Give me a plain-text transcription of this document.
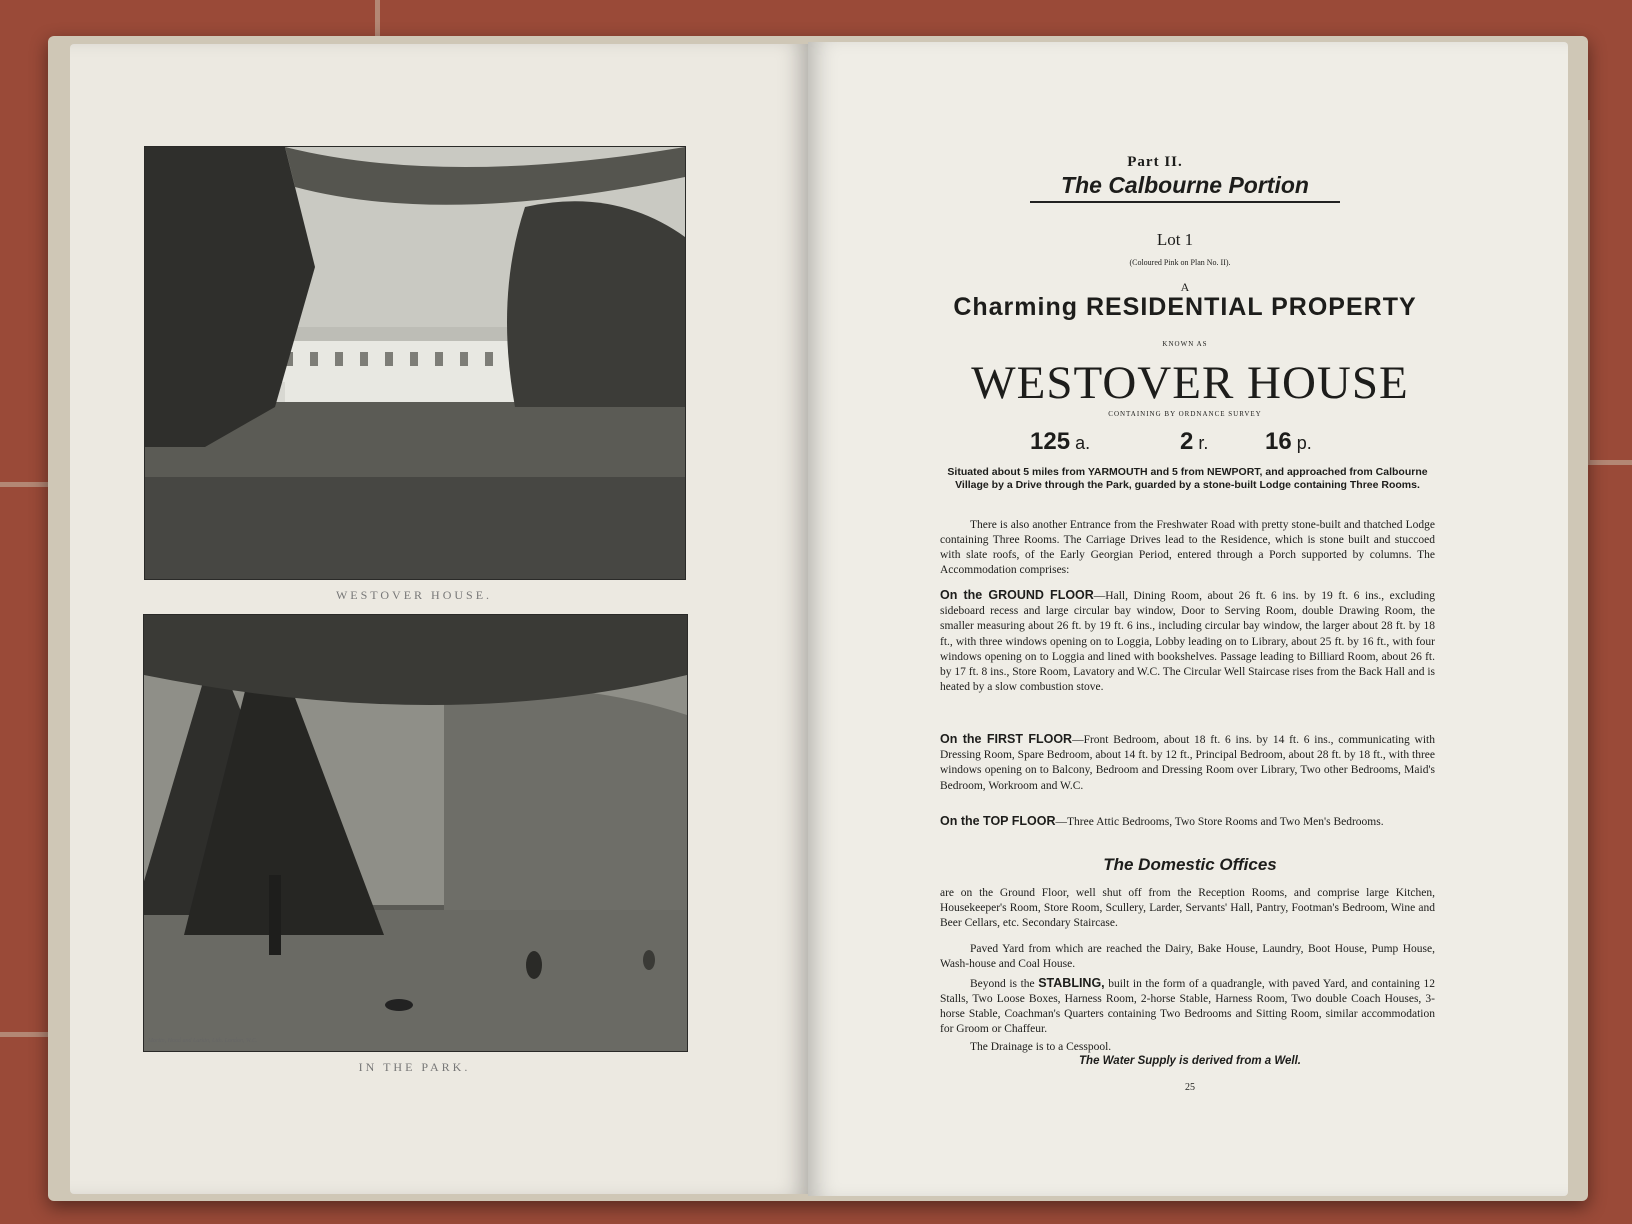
WESTOVER HOUSE.
Martin, Hood and Larkin, Lith. London, W.C.
IN THE PARK.
Part II.
The Calbourne Portion
Lot 1
(Coloured Pink on Plan No. II).
A
Charming RESIDENTIAL PROPERTY
KNOWN AS
WESTOVER HOUSE
CONTAINING BY ORDNANCE SURVEY
125 a.	2 r. 16 p.
Situated about 5 miles from YARMOUTH and 5 from NEWPORT, and approached from Calbourne Village by a Drive through the Park, guarded by a stone-built Lodge containing Three Rooms.
There is also another Entrance from the Freshwater Road with pretty stone-built and thatched Lodge containing Three Rooms. The Carriage Drives lead to the Residence, which is stone built and stuccoed with slate roofs, of the Early Georgian Period, entered through a Porch supported by columns. The Accommodation comprises:
On the GROUND FLOOR—Hall, Dining Room, about 26 ft. 6 ins. by 19 ft. 6 ins., excluding sideboard recess and large circular bay window, Door to Serving Room, double Drawing Room, the smaller measuring about 26 ft. by 19 ft. 6 ins., including circular bay window, the larger about 28 ft. by 18 ft., with three windows opening on to Loggia, Lobby leading on to Library, about 25 ft. by 16 ft., with four windows opening on to Loggia and lined with bookshelves. Passage leading to Billiard Room, about 26 ft. by 17 ft. 8 ins., Store Room, Lavatory and W.C. The Circular Well Staircase rises from the Back Hall and is heated by a slow combustion stove.
On the FIRST FLOOR—Front Bedroom, about 18 ft. 6 ins. by 14 ft. 6 ins., communicating with Dressing Room, Spare Bedroom, about 14 ft. by 12 ft., Principal Bedroom, about 28 ft. by 18 ft., with three windows opening on to Balcony, Bedroom and Dressing Room over Library, Two other Bedrooms, Maid's Bedroom, Workroom and W.C.
On the TOP FLOOR—Three Attic Bedrooms, Two Store Rooms and Two Men's Bedrooms.
The Domestic Offices
are on the Ground Floor, well shut off from the Reception Rooms, and comprise large Kitchen, Housekeeper's Room, Store Room, Scullery, Larder, Servants' Hall, Pantry, Footman's Bedroom, Wine and Beer Cellars, etc. Secondary Staircase.
Paved Yard from which are reached the Dairy, Bake House, Laundry, Boot House, Pump House, Wash-house and Coal House.
Beyond is the STABLING, built in the form of a quadrangle, with paved Yard, and containing 12 Stalls, Two Loose Boxes, Harness Room, 2-horse Stable, Harness Room, Two double Coach Houses, 3-horse Stable, Coachman's Quarters containing Two Bedrooms and Sitting Room, similar accommodation for Groom or Chaffeur.
The Drainage is to a Cesspool.
The Water Supply is derived from a Well.
25
